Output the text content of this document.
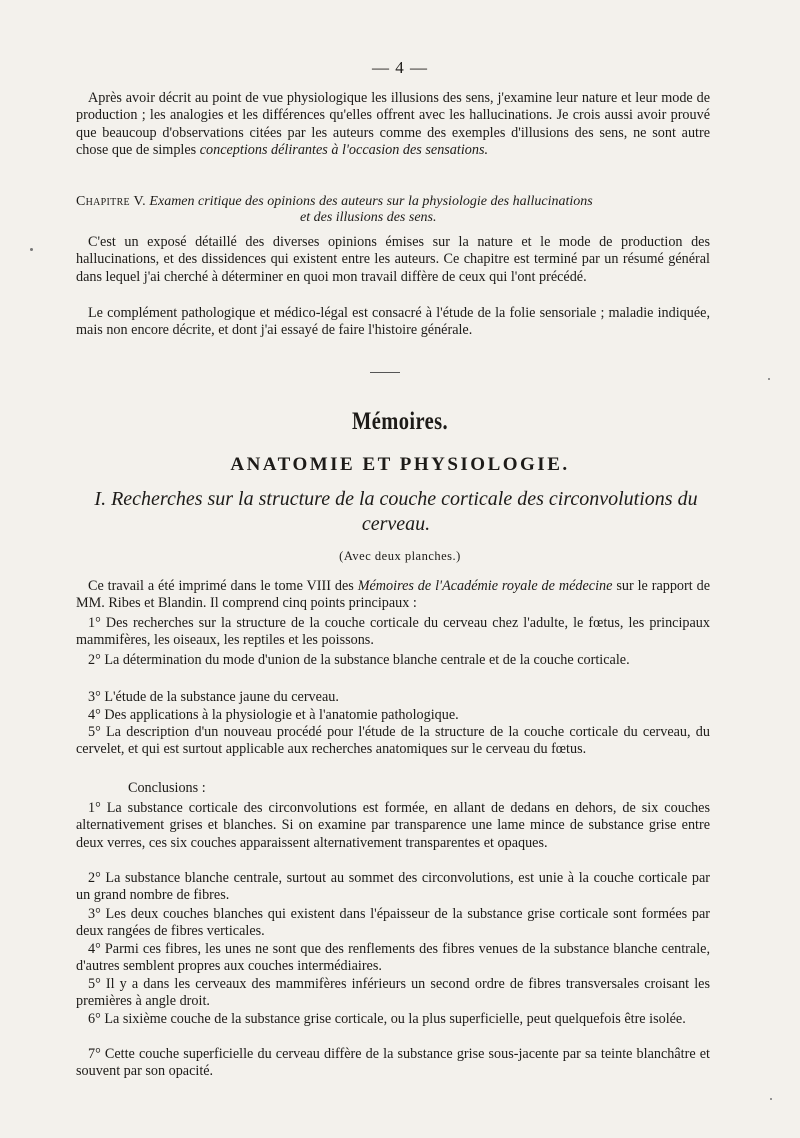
— 4 —
Après avoir décrit au point de vue physiologique les illusions des sens, j'examine leur nature et leur mode de production ; les analogies et les différences qu'elles offrent avec les hallucinations. Je crois aussi avoir prouvé que beaucoup d'observations citées par les auteurs comme des exemples d'illusions des sens, ne sont autre chose que de simples conceptions délirantes à l'occasion des sensations.
Chapitre V. Examen critique des opinions des auteurs sur la physiologie des hallucinations
et des illusions des sens.
C'est un exposé détaillé des diverses opinions émises sur la nature et le mode de production des hallucinations, et des dissidences qui existent entre les auteurs. Ce chapitre est terminé par un résumé général dans lequel j'ai cherché à déterminer en quoi mon travail diffère de ceux qui l'ont précédé.
Le complément pathologique et médico-légal est consacré à l'étude de la folie sensoriale ; maladie indiquée, mais non encore décrite, et dont j'ai essayé de faire l'histoire générale.
Mémoires.
ANATOMIE ET PHYSIOLOGIE.
I. Recherches sur la structure de la couche corticale des circonvolutions du cerveau.
(Avec deux planches.)
Ce travail a été imprimé dans le tome VIII des Mémoires de l'Académie royale de médecine sur le rapport de MM. Ribes et Blandin. Il comprend cinq points principaux :
1° Des recherches sur la structure de la couche corticale du cerveau chez l'adulte, le fœtus, les principaux mammifères, les oiseaux, les reptiles et les poissons.
2° La détermination du mode d'union de la substance blanche centrale et de la couche corticale.
3° L'étude de la substance jaune du cerveau.
4° Des applications à la physiologie et à l'anatomie pathologique.
5° La description d'un nouveau procédé pour l'étude de la structure de la couche corticale du cerveau, du cervelet, et qui est surtout applicable aux recherches anatomiques sur le cerveau du fœtus.
Conclusions :
1° La substance corticale des circonvolutions est formée, en allant de dedans en dehors, de six couches alternativement grises et blanches. Si on examine par transparence une lame mince de substance grise entre deux verres, ces six couches apparaissent alternativement transparentes et opaques.
2° La substance blanche centrale, surtout au sommet des circonvolutions, est unie à la couche corticale par un grand nombre de fibres.
3° Les deux couches blanches qui existent dans l'épaisseur de la substance grise corticale sont formées par deux rangées de fibres verticales.
4° Parmi ces fibres, les unes ne sont que des renflements des fibres venues de la substance blanche centrale, d'autres semblent propres aux couches intermédiaires.
5° Il y a dans les cerveaux des mammifères inférieurs un second ordre de fibres transversales croisant les premières à angle droit.
6° La sixième couche de la substance grise corticale, ou la plus superficielle, peut quelquefois être isolée.
7° Cette couche superficielle du cerveau diffère de la substance grise sous-jacente par sa teinte blanchâtre et souvent par son opacité.
